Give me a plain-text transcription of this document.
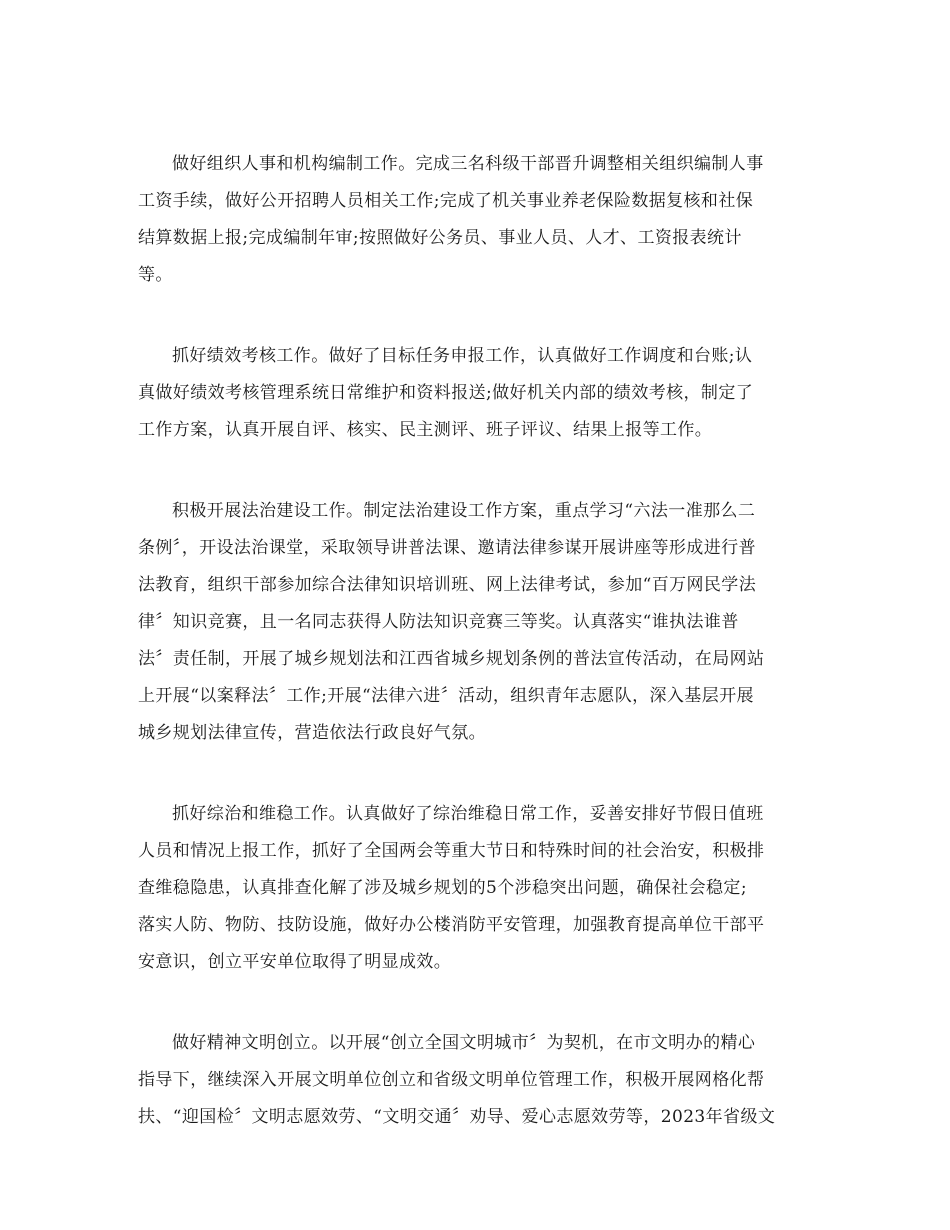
做好组织人事和机构编制工作。完成三名科级干部晋升调整相关组织编制人事
工资手续，做好公开招聘人员相关工作;完成了机关事业养老保险数据复核和社保
结算数据上报;完成编制年审;按照做好公务员、事业人员、人才、工资报表统计
等。
抓好绩效考核工作。做好了目标任务申报工作，认真做好工作调度和台账;认
真做好绩效考核管理系统日常维护和资料报送;做好机关内部的绩效考核，制定了
工作方案，认真开展自评、核实、民主测评、班子评议、结果上报等工作。
积极开展法治建设工作。制定法治建设工作方案，重点学习“六法一准那么二
条例〞，开设法治课堂，采取领导讲普法课、邀请法律参谋开展讲座等形成进行普
法教育，组织干部参加综合法律知识培训班、网上法律考试，参加“百万网民学法
律〞知识竞赛，且一名同志获得人防法知识竞赛三等奖。认真落实“谁执法谁普
法〞责任制，开展了城乡规划法和江西省城乡规划条例的普法宣传活动，在局网站
上开展“以案释法〞工作;开展“法律六进〞活动，组织青年志愿队，深入基层开展
城乡规划法律宣传，营造依法行政良好气氛。
抓好综治和维稳工作。认真做好了综治维稳日常工作，妥善安排好节假日值班
人员和情况上报工作，抓好了全国两会等重大节日和特殊时间的社会治安，积极排
查维稳隐患，认真排查化解了涉及城乡规划的5个涉稳突出问题，确保社会稳定;
落实人防、物防、技防设施，做好办公楼消防平安管理，加强教育提高单位干部平
安意识，创立平安单位取得了明显成效。
做好精神文明创立。以开展“创立全国文明城市〞为契机，在市文明办的精心
指导下，继续深入开展文明单位创立和省级文明单位管理工作，积极开展网格化帮
扶、“迎国检〞文明志愿效劳、“文明交通〞劝导、爱心志愿效劳等，2023年省级文
